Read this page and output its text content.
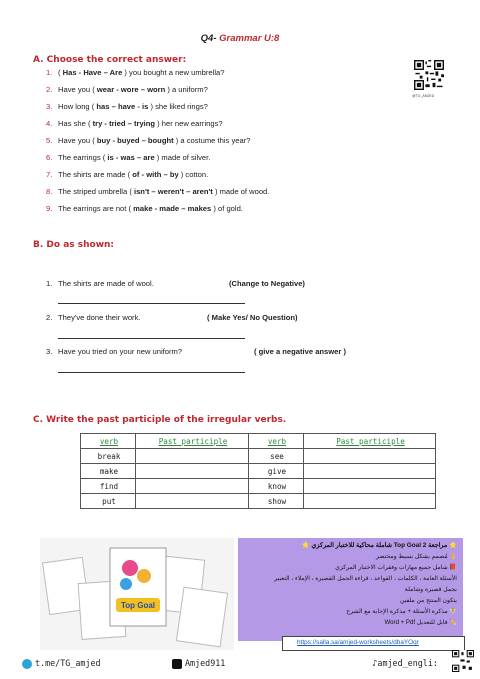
Q4- Grammar U:8
@TG_AMJED
A. Choose the correct answer:
1. ( Has - Have – Are ) you bought a new umbrella?
2. Have you ( wear - wore – worn ) a uniform?
3. How long ( has – have - is ) she liked rings?
4. Has she ( try - tried – trying ) her new earrings?
5. Have you ( buy - buyed – bought ) a costume this year?
6. The earrings ( is - was – are ) made of silver.
7. The shirts are made ( of - with – by ) cotton.
8. The striped umbrella ( isn't – weren't – aren't ) made of wood.
9. The earrings are not ( make - made – makes ) of gold.
B. Do as shown:
1. The shirts are made of wool.	(Change to Negative)
2. They've done their work.	( Make Yes/ No Question)
3. Have you tried on your new uniform?	( give a negative answer )
C. Write the past participle of the irregular verbs.
verb	Past participle	verb	Past participle
break		see	
make		give	
find		know	
put		show	
Top Goal
⭐ مراجعة Top Goal 2 شاملة محاكية للاختبار المركزي ⭐
👌 مُصمم بشكل بسيط ومختصر
📕 شامل جميع مهارات وفقرات الاختبار المركزي
الأسئلة العامة ، الكلمات ، القواعد ، قراءة الجمل القصيرة ، الإملاء ، التعبير
بجمل قصيرة وشاملة
يتكون المنتج من ملفين
🧚 مذكرة الأسئلة + مذكرة الإجابة مع الشرح
✏️ قابل للتعديل Word + Pdf
https://salla.sa/amjed-worksheets/dbaYOqr
t.me/TG_amjed	Amjed911	♪amjed_engli:
